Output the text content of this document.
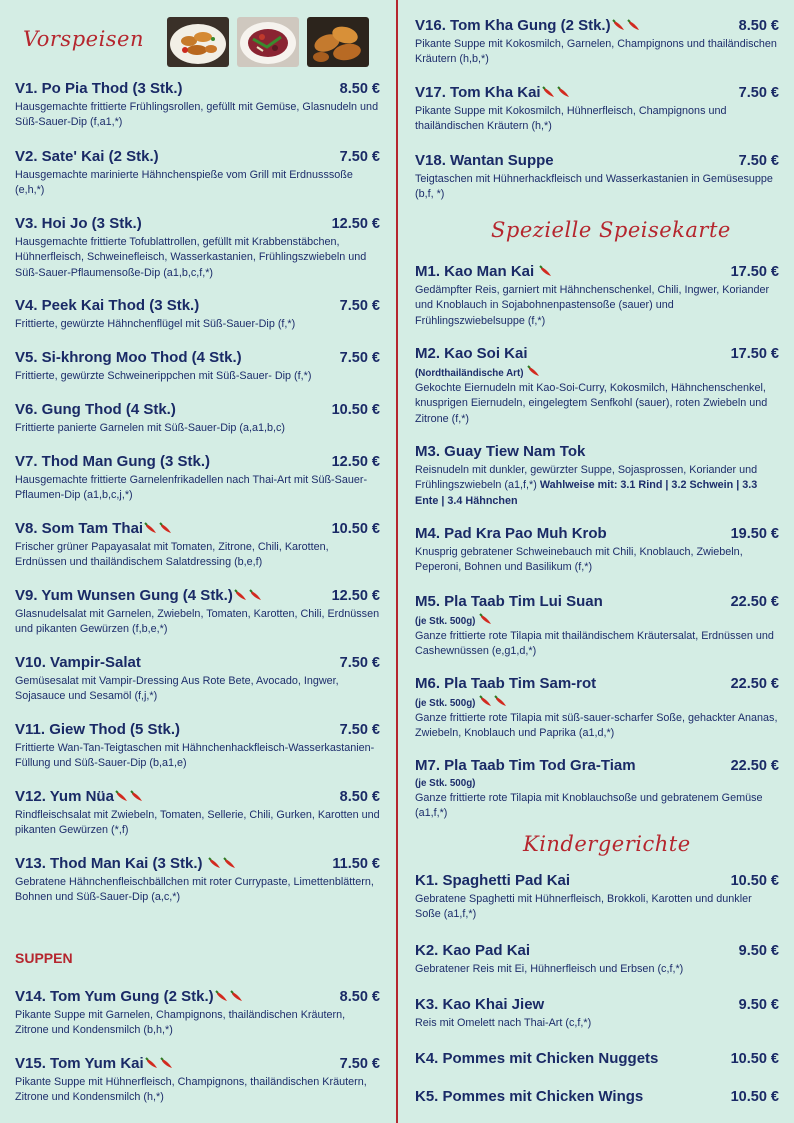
Vorspeisen
V1. Po Pia Thod (3 Stk.)	8.50 €
Hausgemachte frittierte Frühlingsrollen, gefüllt mit Gemüse, Glasnudeln und Süß-Sauer-Dip (f,a1,*)
V2. Sate' Kai (2 Stk.)	7.50 €
Hausgemachte marinierte Hähnchenspieße vom Grill mit Erdnusssoße (e,h,*)
V3. Hoi Jo (3 Stk.)	12.50 €
Hausgemachte frittierte Tofublattrollen, gefüllt mit Krabbenstäbchen, Hühnerfleisch, Schweinefleisch, Wasserkastanien, Frühlingszwiebeln und Süß-Sauer-Pflaumensoße-Dip (a1,b,c,f,*)
V4. Peek Kai Thod (3 Stk.)	7.50 €
Frittierte, gewürzte Hähnchenflügel mit Süß-Sauer-Dip (f,*)
V5. Si-khrong Moo Thod (4 Stk.)	7.50 €
Frittierte, gewürzte Schweinerippchen mit Süß-Sauer- Dip (f,*)
V6. Gung Thod (4 Stk.)	10.50 €
Frittierte panierte Garnelen mit Süß-Sauer-Dip (a,a1,b,c)
V7. Thod Man Gung (3 Stk.)	12.50 €
Hausgemachte frittierte Garnelenfrikadellen nach Thai-Art mit Süß-Sauer-Pflaumen-Dip (a1,b,c,j,*)
V8. Som Tam Thai	10.50 €
Frischer grüner Papayasalat mit Tomaten, Zitrone, Chili, Karotten, Erdnüssen und thailändischem Salatdressing (b,e,f)
V9. Yum Wunsen Gung (4 Stk.)	12.50 €
Glasnudelsalat mit Garnelen, Zwiebeln, Tomaten, Karotten, Chili, Erdnüssen und pikanten Gewürzen (f,b,e,*)
V10. Vampir-Salat	7.50 €
Gemüsesalat mit Vampir-Dressing Aus Rote Bete, Avocado, Ingwer, Sojasauce und Sesamöl (f,j,*)
V11. Giew Thod (5 Stk.)	7.50 €
Frittierte Wan-Tan-Teigtaschen mit Hähnchenhackfleisch-Wasserkastanien-Füllung und Süß-Sauer-Dip (b,a1,e)
V12. Yum Nüa	8.50 €
Rindfleischsalat mit Zwiebeln, Tomaten, Sellerie, Chili, Gurken, Karotten und pikanten Gewürzen (*,f)
V13. Thod Man Kai (3 Stk.)	11.50 €
Gebratene Hähnchenfleischbällchen mit roter Currypaste, Limettenblättern, Bohnen und Süß-Sauer-Dip (a,c,*)
V14. Tom Yum Gung (2 Stk.)	8.50 €
Pikante Suppe mit Garnelen, Champignons, thailändischen Kräutern, Zitrone und Kondensmilch (b,h,*)
V15. Tom Yum Kai	7.50 €
Pikante Suppe mit Hühnerfleisch, Champignons, thailändischen Kräutern, Zitrone und Kondensmilch (h,*)
SUPPEN
V16. Tom Kha Gung (2 Stk.)	8.50 €
Pikante Suppe mit Kokosmilch, Garnelen, Champignons und thailändischen Kräutern (h,b,*)
V17. Tom Kha Kai	7.50 €
Pikante Suppe mit Kokosmilch, Hühnerfleisch, Champignons und thailändischen Kräutern (h,*)
V18. Wantan Suppe	7.50 €
Teigtaschen mit Hühnerhackfleisch und Wasserkastanien in Gemüsesuppe (b,f, *)
M1. Kao Man Kai	17.50 €
Gedämpfter Reis, garniert mit Hähnchenschenkel, Chili, Ingwer, Koriander und Knoblauch in Sojabohnenpastensoße (sauer) und Frühlingszwiebelsuppe (f,*)
M2. Kao Soi Kai	17.50 €
(Nordthailändische Art)
Gekochte Eiernudeln mit Kao-Soi-Curry, Kokosmilch, Hähnchenschenkel, knusprigen Eiernudeln, eingelegtem Senfkohl (sauer), roten Zwiebeln und Zitrone (f,*)
M3. Guay Tiew Nam Tok
Reisnudeln mit dunkler, gewürzter Suppe, Sojasprossen, Koriander und Frühlingszwiebeln (a1,f,*) Wahlweise mit: 3.1 Rind | 3.2 Schwein | 3.3 Ente | 3.4 Hähnchen
M4. Pad Kra Pao Muh Krob	19.50 €
Knusprig gebratener Schweinebauch mit Chili, Knoblauch, Zwiebeln, Peperoni, Bohnen und Basilikum (f,*)
M5. Pla Taab Tim Lui Suan	22.50 €
(je Stk. 500g)
Ganze frittierte rote Tilapia mit thailändischem Kräutersalat, Erdnüssen und Cashewnüssen (e,g1,d,*)
M6. Pla Taab Tim Sam-rot	22.50 €
(je Stk. 500g)
Ganze frittierte rote Tilapia mit süß-sauer-scharfer Soße, gehackter Ananas, Zwiebeln, Knoblauch und Paprika (a1,d,*)
M7. Pla Taab Tim Tod Gra-Tiam	22.50 €
(je Stk. 500g)
Ganze frittierte rote Tilapia mit Knoblauchsoße und gebratenem Gemüse (a1,f,*)
K1. Spaghetti Pad Kai	10.50 €
Gebratene Spaghetti mit Hühnerfleisch, Brokkoli, Karotten und dunkler Soße (a1,f,*)
K2. Kao Pad Kai	9.50 €
Gebratener Reis mit Ei, Hühnerfleisch und Erbsen (c,f,*)
K3. Kao Khai Jiew	9.50 €
Reis mit Omelett nach Thai-Art (c,f,*)
K4. Pommes mit Chicken Nuggets	10.50 €
K5. Pommes mit Chicken Wings	10.50 €
Spezielle Speisekarte
Kindergerichte
